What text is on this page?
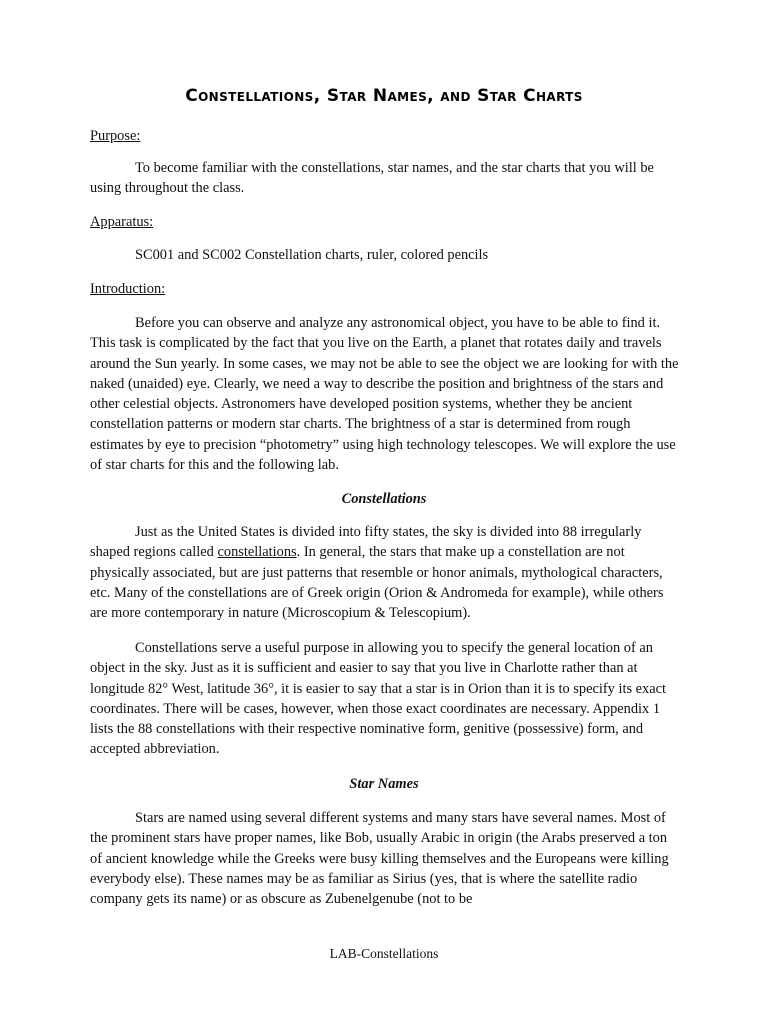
Constellations, Star Names, and Star Charts
Purpose:

To become familiar with the constellations, star names, and the star charts that you will be using throughout the class.

Apparatus:

SC001 and SC002 Constellation charts, ruler, colored pencils

Introduction:

Before you can observe and analyze any astronomical object, you have to be able to find it. This task is complicated by the fact that you live on the Earth, a planet that rotates daily and travels around the Sun yearly. In some cases, we may not be able to see the object we are looking for with the naked (unaided) eye. Clearly, we need a way to describe the position and brightness of the stars and other celestial objects. Astronomers have developed position systems, whether they be ancient constellation patterns or modern star charts. The brightness of a star is determined from rough estimates by eye to precision “photometry” using high technology telescopes. We will explore the use of star charts for this and the following lab.

Constellations

Just as the United States is divided into fifty states, the sky is divided into 88 irregularly shaped regions called constellations. In general, the stars that make up a constellation are not physically associated, but are just patterns that resemble or honor animals, mythological characters, etc. Many of the constellations are of Greek origin (Orion & Andromeda for example), while others are more contemporary in nature (Microscopium & Telescopium).

Constellations serve a useful purpose in allowing you to specify the general location of an object in the sky. Just as it is sufficient and easier to say that you live in Charlotte rather than at longitude 82° West, latitude 36°, it is easier to say that a star is in Orion than it is to specify its exact coordinates. There will be cases, however, when those exact coordinates are necessary. Appendix 1 lists the 88 constellations with their respective nominative form, genitive (possessive) form, and accepted abbreviation.

Star Names

Stars are named using several different systems and many stars have several names. Most of the prominent stars have proper names, like Bob, usually Arabic in origin (the Arabs preserved a ton of ancient knowledge while the Greeks were busy killing themselves and the Europeans were killing everybody else). These names may be as familiar as Sirius (yes, that is where the satellite radio company gets its name) or as obscure as Zubenelgenube (not to be

LAB-Constellations
